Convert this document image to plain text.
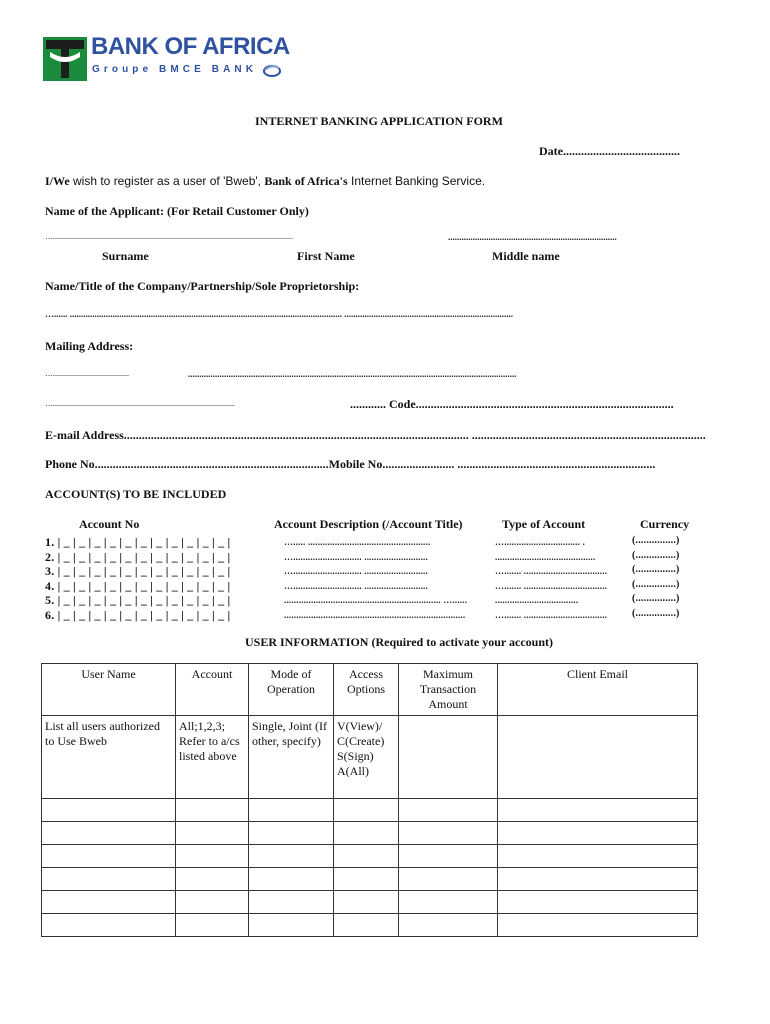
BANK OF AFRICA
Groupe BMCE BANK
INTERNET BANKING APPLICATION FORM
Date.......................................
I/We wish to register as a user of 'Bweb', Bank of Africa's Internet Banking Service.
Name of the Applicant: (For Retail Customer Only)
…........................................................................................................................	...........................................................................
Surname	First Name	Middle name
Name/Title of the Company/Partnership/Sole Proprietorship:
…...... ......................................................................................................................... ...........................................................................
Mailing Address:
…......................................	..................................................................................................................................................
…...........................................................................................	............ Code......................................................................................
E-mail Address................................................................................................................... ..............................................................................
Phone No..............................................................................Mobile No........................ ..................................................................
ACCOUNT(S) TO BE INCLUDED
Account No	Account Description (/Account Title)	Type of Account	Currency
1. | _ | _ | _ | _ | _ | _ | _ | _ | _ | _ | _ |	…..... ..................................................	…............................... .	(...............)
2. | _ | _ | _ | _ | _ | _ | _ | _ | _ | _ | _ |	…............................ ..........................	.........................................	(...............)
3. | _ | _ | _ | _ | _ | _ | _ | _ | _ | _ | _ |	…............................ ..........................	…....... .................................. (...............)
4. | _ | _ | _ | _ | _ | _ | _ | _ | _ | _ | _ |	…............................ ..........................	…....... .................................. (...............)
5. | _ | _ | _ | _ | _ | _ | _ | _ | _ | _ | _ |	................................................................ …......	..................................	(...............)
6. | _ | _ | _ | _ | _ | _ | _ | _ | _ | _ | _ |	..........................................................................	…....... .................................. (...............)
USER INFORMATION (Required to activate your account)
User Name	Account	Mode of Operation	Access Options	Maximum Transaction Amount	Client Email
List all users authorized to Use Bweb	All;1,2,3; Refer to a/cs listed above	Single, Joint (If other, specify)	V(View)/ C(Create) S(Sign) A(All)		
